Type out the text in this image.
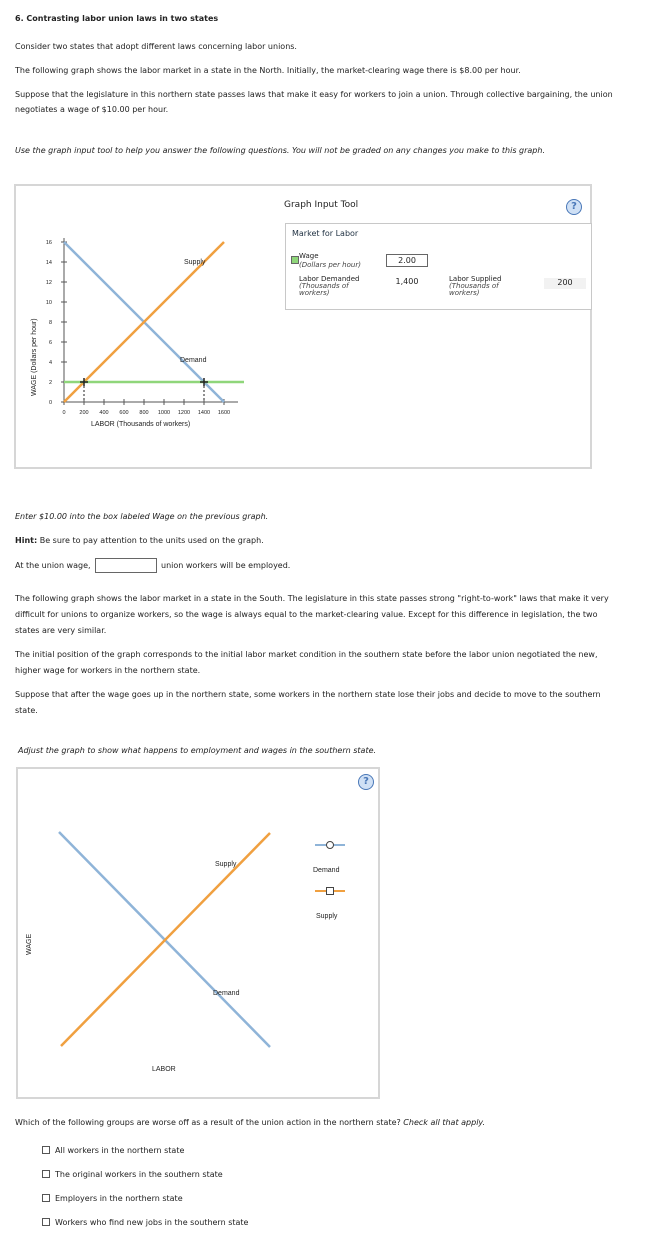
6. Contrasting labor union laws in two states
Consider two states that adopt different laws concerning labor unions.
The following graph shows the labor market in a state in the North. Initially, the market-clearing wage there is $8.00 per hour.
Suppose that the legislature in this northern state passes laws that make it easy for workers to join a union. Through collective bargaining, the union
negotiates a wage of $10.00 per hour.
Use the graph input tool to help you answer the following questions. You will not be graded on any changes you make to this graph.
0
2
4
6
8
10
12
14
16
0	200 400 600 800 1000 1200 1400 1600
Supply
Demand
LABOR (Thousands of workers)
WAGE (Dollars per hour)
Graph Input Tool	?
Market for Labor
Wage
(Dollars per hour)	2.00
Labor Demanded
(Thousands of
workers)
1,400	Labor Supplied
(Thousands of
workers)
200
Enter $10.00 into the box labeled Wage on the previous graph.
Hint: Be sure to pay attention to the units used on the graph.
At the union wage,	union workers will be employed.
The following graph shows the labor market in a state in the South. The legislature in this state passes strong "right-to-work" laws that make it very
difficult for unions to organize workers, so the wage is always equal to the market-clearing value. Except for this difference in legislation, the two
states are very similar.
The initial position of the graph corresponds to the initial labor market condition in the southern state before the labor union negotiated the new,
higher wage for workers in the northern state.
Suppose that after the wage goes up in the northern state, some workers in the northern state lose their jobs and decide to move to the southern
state.
Adjust the graph to show what happens to employment and wages in the southern state.
?
Supply
Demand
LABOR
WAGE
Demand
Supply
Which of the following groups are worse off as a result of the union action in the northern state? Check all that apply.
All workers in the northern state
The original workers in the southern state
Employers in the northern state
Workers who find new jobs in the southern state
